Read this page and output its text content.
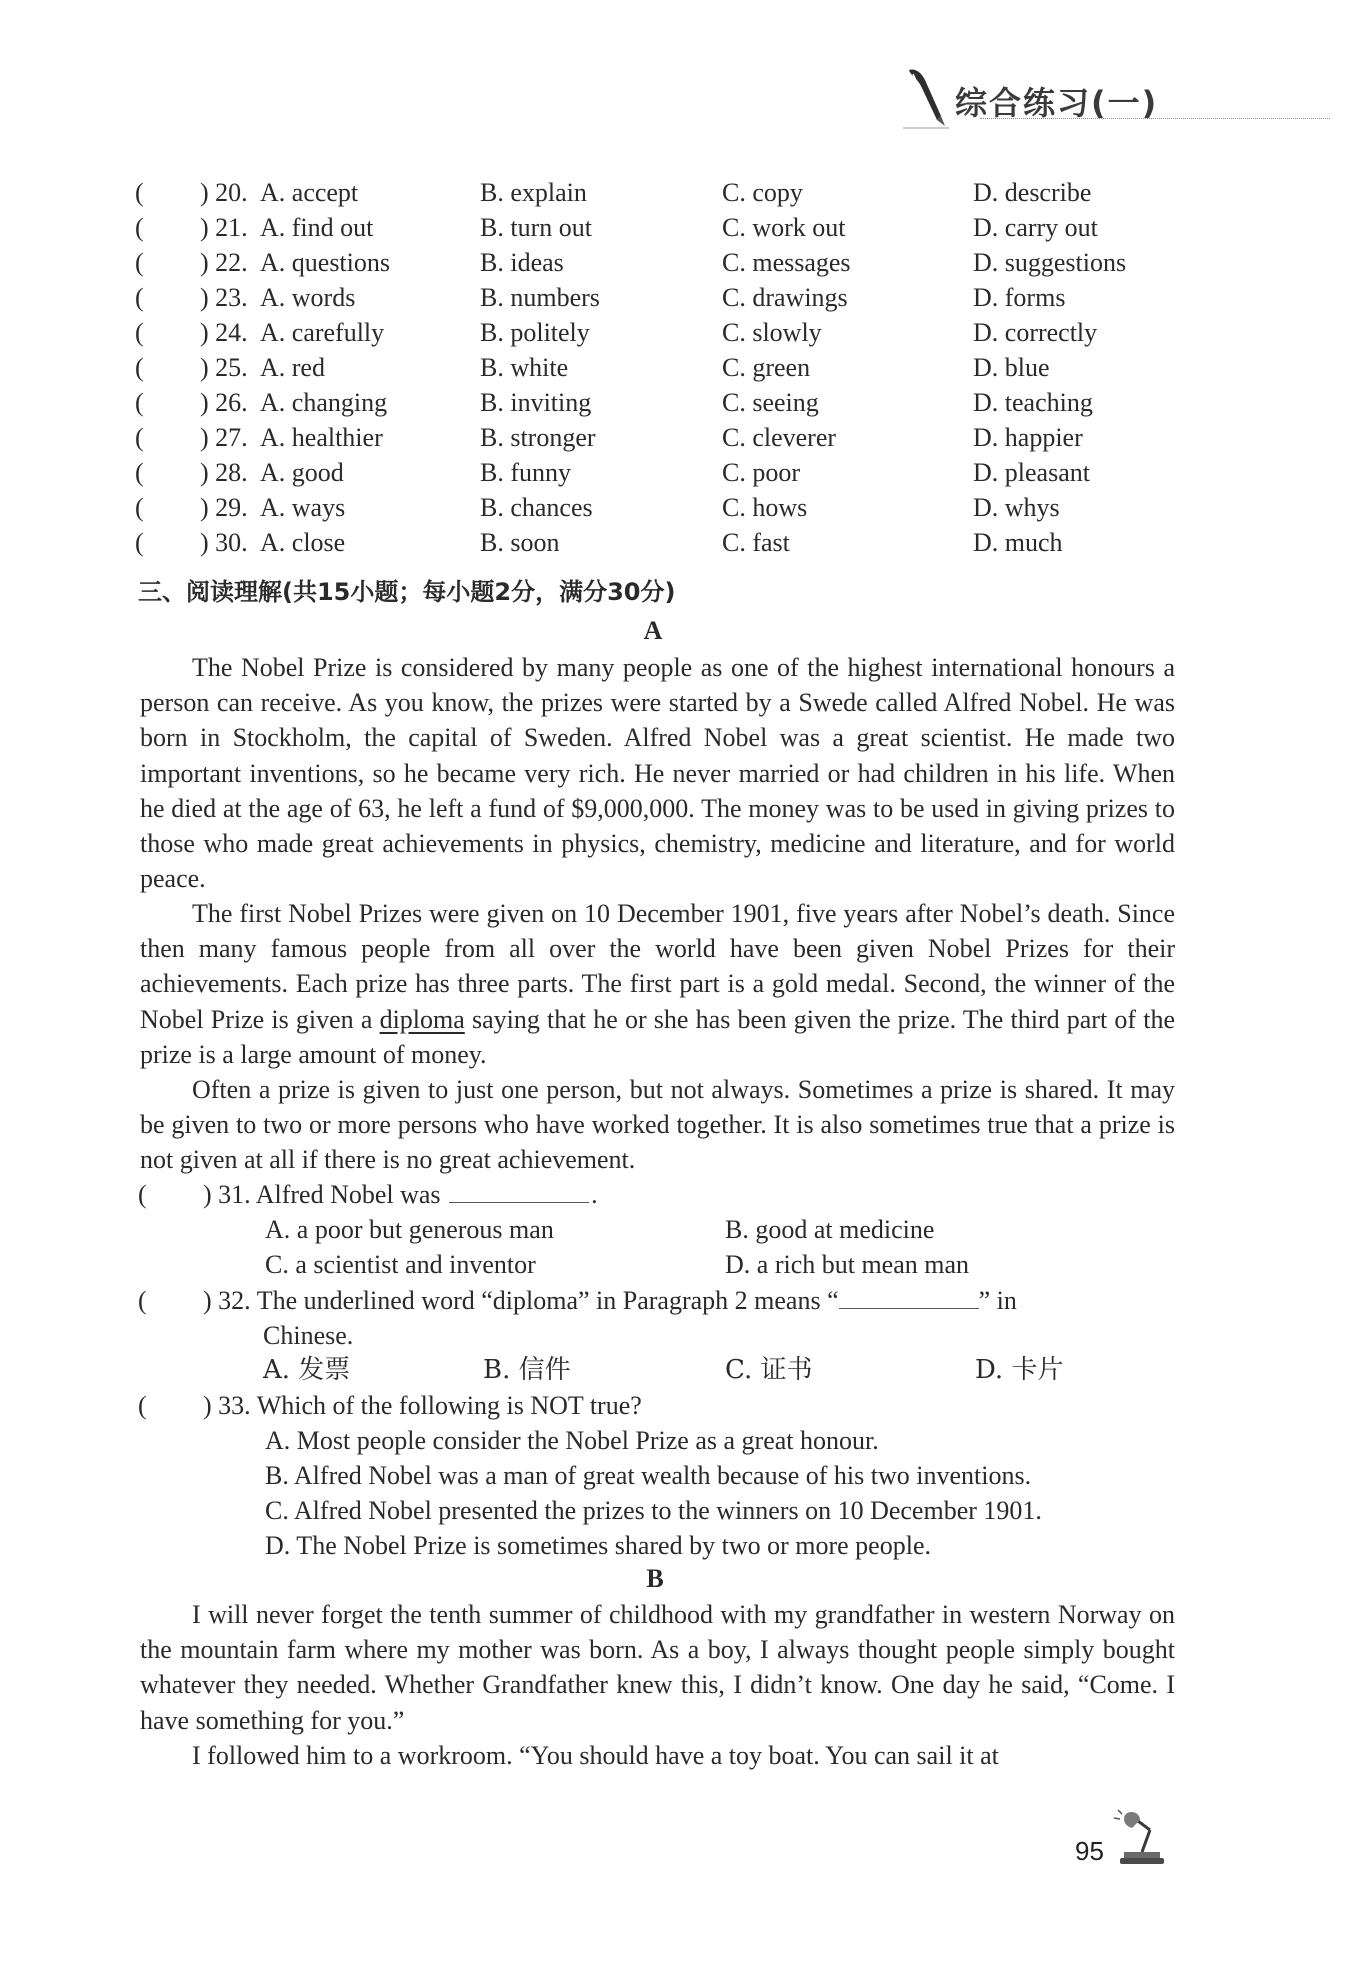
综合练习(一)
( ) 20. A. accept	B. explain	C. copy	D. describe
( ) 21. A. find out	B. turn out	C. work out	D. carry out
( ) 22. A. questions	B. ideas	C. messages	D. suggestions
( ) 23. A. words	B. numbers	C. drawings	D. forms
( ) 24. A. carefully	B. politely	C. slowly	D. correctly
( ) 25. A. red	B. white	C. green	D. blue
( ) 26. A. changing	B. inviting	C. seeing	D. teaching
( ) 27. A. healthier	B. stronger	C. cleverer	D. happier
( ) 28. A. good	B. funny	C. poor	D. pleasant
( ) 29. A. ways	B. chances	C. hows	D. whys
( ) 30. A. close	B. soon	C. fast	D. much
三、阅读理解(共15小题；每小题2分，满分30分)
A
The Nobel Prize is considered by many people as one of the highest international honours a person can receive. As you know, the prizes were started by a Swede called Alfred Nobel. He was born in Stockholm, the capital of Sweden. Alfred Nobel was a great scientist. He made two important inventions, so he became very rich. He never married or had children in his life. When he died at the age of 63, he left a fund of $9,000,000. The money was to be used in giving prizes to those who made great achievements in physics, chemistry, medicine and literature, and for world peace.
The first Nobel Prizes were given on 10 December 1901, five years after Nobel’s death. Since then many famous people from all over the world have been given Nobel Prizes for their achievements. Each prize has three parts. The first part is a gold medal. Second, the winner of the Nobel Prize is given a diploma saying that he or she has been given the prize. The third part of the prize is a large amount of money.
Often a prize is given to just one person, but not always. Sometimes a prize is shared. It may be given to two or more persons who have worked together. It is also sometimes true that a prize is not given at all if there is no great achievement.
( ) 31. Alfred Nobel was	.
A. a poor but generous man	B. good at medicine
C. a scientist and inventor	D. a rich but mean man
( ) 32. The underlined word “diploma” in Paragraph 2 means “	” in
Chinese.
A. 发票	B. 信件	C. 证书	D. 卡片
( ) 33. Which of the following is NOT true?
A. Most people consider the Nobel Prize as a great honour.
B. Alfred Nobel was a man of great wealth because of his two inventions.
C. Alfred Nobel presented the prizes to the winners on 10 December 1901.
D. The Nobel Prize is sometimes shared by two or more people.
B
I will never forget the tenth summer of childhood with my grandfather in western Norway on the mountain farm where my mother was born. As a boy, I always thought people simply bought whatever they needed. Whether Grandfather knew this, I didn’t know. One day he said, “Come. I have something for you.”
I followed him to a workroom. “You should have a toy boat. You can sail it at
95
